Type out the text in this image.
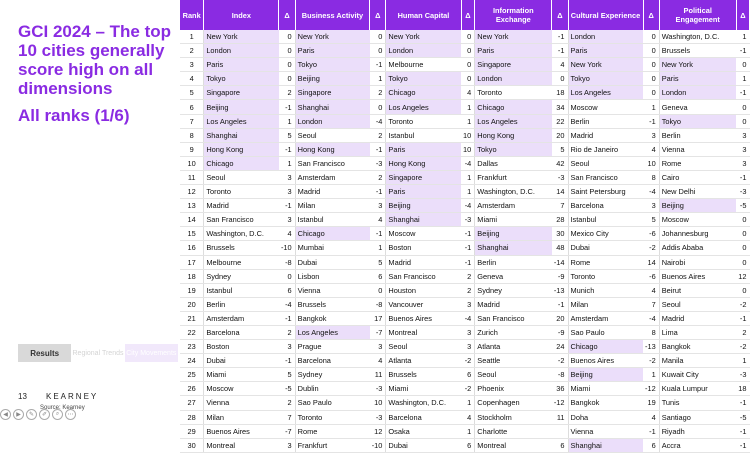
GCI 2024 – The top 10 cities generally score high on all dimensions
All ranks (1/6)
Results	Regional Trends City Movements
13 KEARNEY
Source: Kearney
◀	▶	✎	✐	⌕	⋯
Rank	Index	Δ	Business Activity	Δ	Human Capital	Δ	Information Exchange	Δ	Cultural Experience	Δ	Political Engagement	Δ
1	New York	0	New York	0	New York	0	New York	-1	London	0	Washington, D.C.	1
2	London	0	Paris	0	London	0	Paris	-1	Paris	0	Brussels	-1
3	Paris	0	Tokyo	-1	Melbourne	0	Singapore	4	New York	0	New York	0
4	Tokyo	0	Beijing	1	Tokyo	0	London	0	Tokyo	0	Paris	1
5	Singapore	2	Singapore	2	Chicago	4	Toronto	18	Los Angeles	0	London	-1
6	Beijing	-1	Shanghai	0	Los Angeles	1	Chicago	34	Moscow	1	Geneva	0
7	Los Angeles	1	London	-4	Toronto	1	Los Angeles	22	Berlin	-1	Tokyo	0
8	Shanghai	5	Seoul	2	Istanbul	10	Hong Kong	20	Madrid	3	Berlin	3
9	Hong Kong	-1	Hong Kong	-1	Paris	10	Tokyo	5	Rio de Janeiro	4	Vienna	3
10	Chicago	1	San Francisco	-3	Hong Kong	-4	Dallas	42	Seoul	10	Rome	3
11	Seoul	3	Amsterdam	2	Singapore	1	Frankfurt	-3	San Francisco	8	Cairo	-1
12	Toronto	3	Madrid	-1	Paris	1	Washington, D.C.	14	Saint Petersburg	-4	New Delhi	-3
13	Madrid	-1	Milan	3	Beijing	-4	Amsterdam	7	Barcelona	3	Beijing	-5
14	San Francisco	3	Istanbul	4	Shanghai	-3	Miami	28	Istanbul	5	Moscow	0
15	Washington, D.C.	4	Chicago	-1	Moscow	-1	Beijing	30	Mexico City	-6	Johannesburg	0
16	Brussels	-10	Mumbai	1	Boston	-1	Shanghai	48	Dubai	-2	Addis Ababa	0
17	Melbourne	-8	Dubai	5	Madrid	-1	Berlin	-14	Rome	14	Nairobi	0
18	Sydney	0	Lisbon	6	San Francisco	2	Geneva	-9	Toronto	-6	Buenos Aires	12
19	Istanbul	6	Vienna	0	Houston	2	Sydney	-13	Munich	4	Beirut	0
20	Berlin	-4	Brussels	-8	Vancouver	3	Madrid	-1	Milan	7	Seoul	-2
21	Amsterdam	-1	Bangkok	17	Buenos Aires	-4	San Francisco	20	Amsterdam	-4	Madrid	-1
22	Barcelona	2	Los Angeles	-7	Montreal	3	Zurich	-9	Sao Paulo	8	Lima	2
23	Boston	3	Prague	3	Seoul	3	Atlanta	24	Chicago	-13	Bangkok	-2
24	Dubai	-1	Barcelona	4	Atlanta	-2	Seattle	-2	Buenos Aires	-2	Manila	1
25	Miami	5	Sydney	11	Brussels	6	Seoul	-8	Beijing	1	Kuwait City	-3
26	Moscow	-5	Dublin	-3	Miami	-2	Phoenix	36	Miami	-12	Kuala Lumpur	18
27	Vienna	2	Sao Paulo	10	Washington, D.C.	1	Copenhagen	-12	Bangkok	19	Tunis	-1
28	Milan	7	Toronto	-3	Barcelona	4	Stockholm	11	Doha	4	Santiago	-5
29	Buenos Aires	-7	Rome	12	Osaka	1	Charlotte		Vienna	-1	Riyadh	-1
30	Montreal	3	Frankfurt	-10	Dubai	6	Montreal	6	Shanghai	6	Accra	-1
